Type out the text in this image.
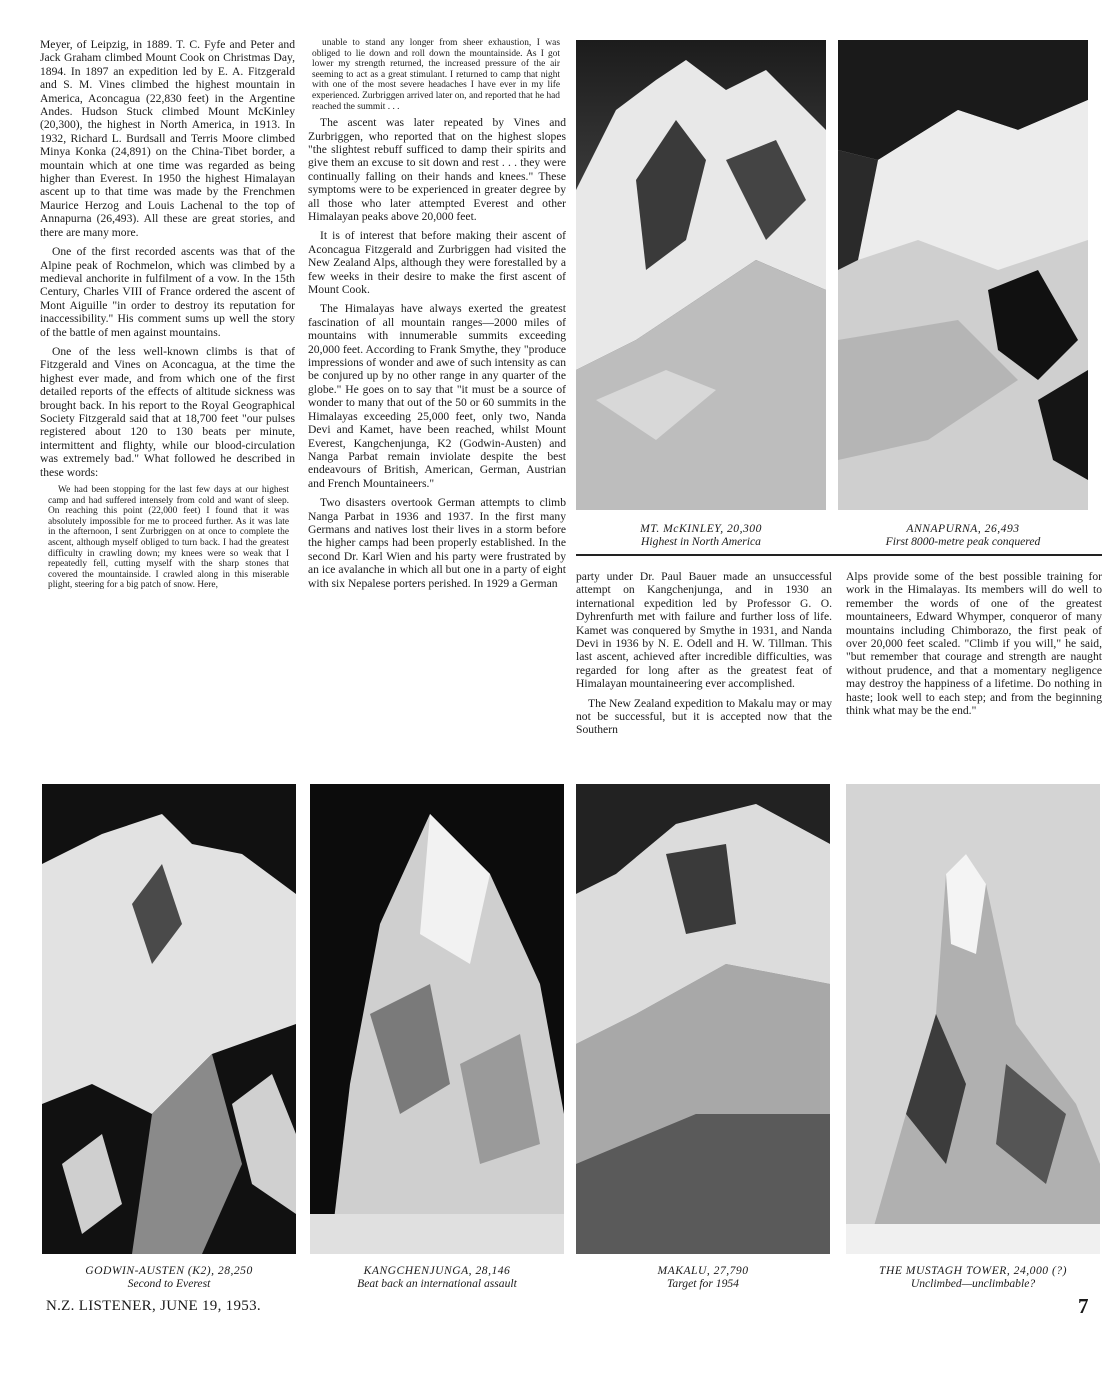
Meyer, of Leipzig, in 1889. T. C. Fyfe and Peter and Jack Graham climbed Mount Cook on Christmas Day, 1894. In 1897 an expedition led by E. A. Fitzgerald and S. M. Vines climbed the highest mountain in America, Aconcagua (22,830 feet) in the Argentine Andes. Hudson Stuck climbed Mount McKinley (20,300), the highest in North America, in 1913. In 1932, Richard L. Burdsall and Terris Moore climbed Minya Konka (24,891) on the China-Tibet border, a mountain which at one time was regarded as being higher than Everest. In 1950 the highest Himalayan ascent up to that time was made by the Frenchmen Maurice Herzog and Louis Lachenal to the top of Annapurna (26,493). All these are great stories, and there are many more.

One of the first recorded ascents was that of the Alpine peak of Rochmelon, which was climbed by a medieval anchorite in fulfilment of a vow. In the 15th Century, Charles VIII of France ordered the ascent of Mont Aiguille "in order to destroy its reputation for inaccessibility." His comment sums up well the story of the battle of men against mountains.

One of the less well-known climbs is that of Fitzgerald and Vines on Aconcagua, at the time the highest ever made, and from which one of the first detailed reports of the effects of altitude sickness was brought back. In his report to the Royal Geographical Society Fitzgerald said that at 18,700 feet "our pulses registered about 120 to 130 beats per minute, intermittent and flighty, while our blood-circulation was extremely bad." What followed he described in these words:

We had been stopping for the last few days at our highest camp and had suffered intensely from cold and want of sleep. On reaching this point (22,000 feet) I found that it was absolutely impossible for me to proceed further. As it was late in the afternoon, I sent Zurbriggen on at once to complete the ascent, although myself obliged to turn back. I had the greatest difficulty in crawling down; my knees were so weak that I repeatedly fell, cutting myself with the sharp stones that covered the mountainside. I crawled along in this miserable plight, steering for a big patch of snow. Here,

unable to stand any longer from sheer exhaustion, I was obliged to lie down and roll down the mountainside. As I got lower my strength returned, the increased pressure of the air seeming to act as a great stimulant. I returned to camp that night with one of the most severe headaches I have ever in my life experienced. Zurbriggen arrived later on, and reported that he had reached the summit . . .

The ascent was later repeated by Vines and Zurbriggen, who reported that on the highest slopes "the slightest rebuff sufficed to damp their spirits and give them an excuse to sit down and rest . . . they were continually falling on their hands and knees." These symptoms were to be experienced in greater degree by all those who later attempted Everest and other Himalayan peaks above 20,000 feet.

It is of interest that before making their ascent of Aconcagua Fitzgerald and Zurbriggen had visited the New Zealand Alps, although they were forestalled by a few weeks in their desire to make the first ascent of Mount Cook.

The Himalayas have always exerted the greatest fascination of all mountain ranges—2000 miles of mountains with innumerable summits exceeding 20,000 feet. According to Frank Smythe, they "produce impressions of wonder and awe of such intensity as can be conjured up by no other range in any quarter of the globe." He goes on to say that "it must be a source of wonder to many that out of the 50 or 60 summits in the Himalayas exceeding 25,000 feet, only two, Nanda Devi and Kamet, have been reached, whilst Mount Everest, Kangchenjunga, K2 (Godwin-Austen) and Nanga Parbat remain inviolate despite the best endeavours of British, American, German, Austrian and French Mountaineers."

Two disasters overtook German attempts to climb Nanga Parbat in 1936 and 1937. In the first many Germans and natives lost their lives in a storm before the higher camps had been properly established. In the second Dr. Karl Wien and his party were frustrated by an ice avalanche in which all but one in a party of eight with six Nepalese porters perished. In 1929 a German

MT. McKINLEY, 20,300
Highest in North America
ANNAPURNA, 26,493
First 8000-metre peak conquered

party under Dr. Paul Bauer made an unsuccessful attempt on Kangchenjunga, and in 1930 an international expedition led by Professor G. O. Dyhrenfurth met with failure and further loss of life. Kamet was conquered by Smythe in 1931, and Nanda Devi in 1936 by N. E. Odell and H. W. Tillman. This last ascent, achieved after incredible difficulties, was regarded for long after as the greatest feat of Himalayan mountaineering ever accomplished.

The New Zealand expedition to Makalu may or may not be successful, but it is accepted now that the Southern

Alps provide some of the best possible training for work in the Himalayas. Its members will do well to remember the words of one of the greatest mountaineers, Edward Whymper, conqueror of many mountains including Chimborazo, the first peak of over 20,000 feet scaled. "Climb if you will," he said, "but remember that courage and strength are naught without prudence, and that a momentary negligence may destroy the happiness of a lifetime. Do nothing in haste; look well to each step; and from the beginning think what may be the end."

GODWIN-AUSTEN (K2), 28,250
Second to Everest
KANGCHENJUNGA, 28,146
Beat back an international assault
MAKALU, 27,790
Target for 1954
THE MUSTAGH TOWER, 24,000 (?)
Unclimbed—unclimbable?
N.Z. LISTENER, JUNE 19, 1953.	7
